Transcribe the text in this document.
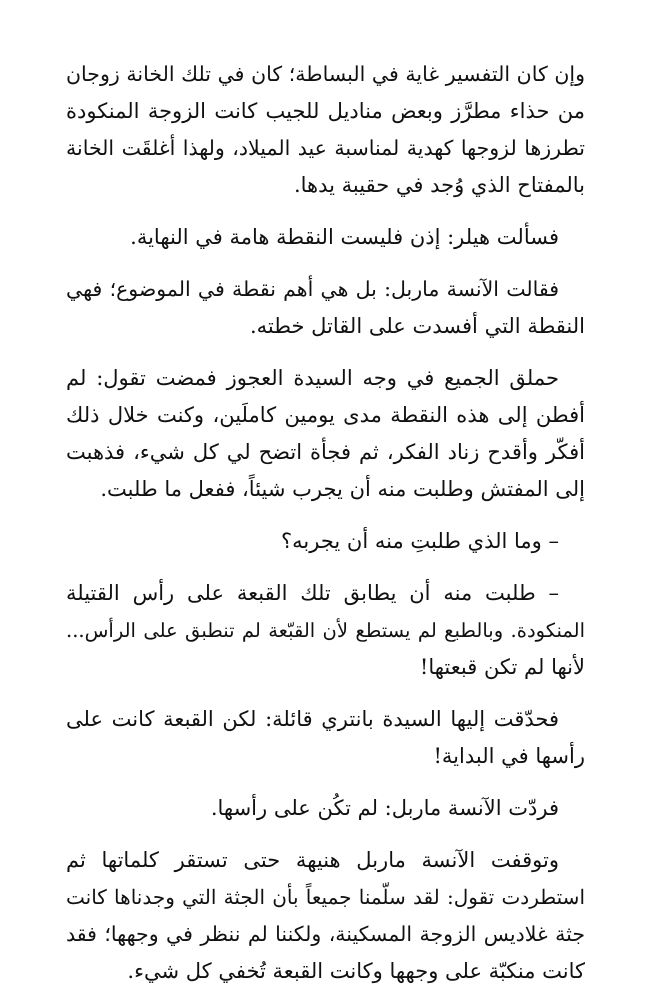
وإن كان التفسير غاية في البساطة؛ كان في تلك الخانة زوجان
من حذاء مطرَّز وبعض مناديل للجيب كانت الزوجة المنكودة
تطرزها لزوجها كهدية لمناسبة عيد الميلاد، ولهذا أغلقَت الخانة
بالمفتاح الذي وُجد في حقيبة يدها.

فسألت هيلر: إذن فليست النقطة هامة في النهاية.

فقالت الآنسة ماربل: بل هي أهم نقطة في الموضوع؛ فهي
النقطة التي أفسدت على القاتل خطته.

حملق الجميع في وجه السيدة العجوز فمضت تقول: لم
أفطن إلى هذه النقطة مدى يومين كاملَين، وكنت خلال ذلك
أفكّر وأقدح زناد الفكر، ثم فجأة اتضح لي كل شيء، فذهبت
إلى المفتش وطلبت منه أن يجرب شيئاً، ففعل ما طلبت.

– وما الذي طلبتِ منه أن يجربه؟

– طلبت منه أن يطابق تلك القبعة على رأس القتيلة
المنكودة. وبالطبع لم يستطع لأن القبّعة لم تنطبق على الرأس...
لأنها لم تكن قبعتها!

فحدّقت إليها السيدة بانتري قائلة: لكن القبعة كانت على
رأسها في البداية!

فردّت الآنسة ماربل: لم تكُن على رأسها.

وتوقفت الآنسة ماربل هنيهة حتى تستقر كلماتها ثم
استطردت تقول: لقد سلّمنا جميعاً بأن الجثة التي وجدناها كانت
جثة غلاديس الزوجة المسكينة، ولكننا لم ننظر في وجهها؛ فقد
كانت منكبّة على وجهها وكانت القبعة تُخفي كل شيء.
